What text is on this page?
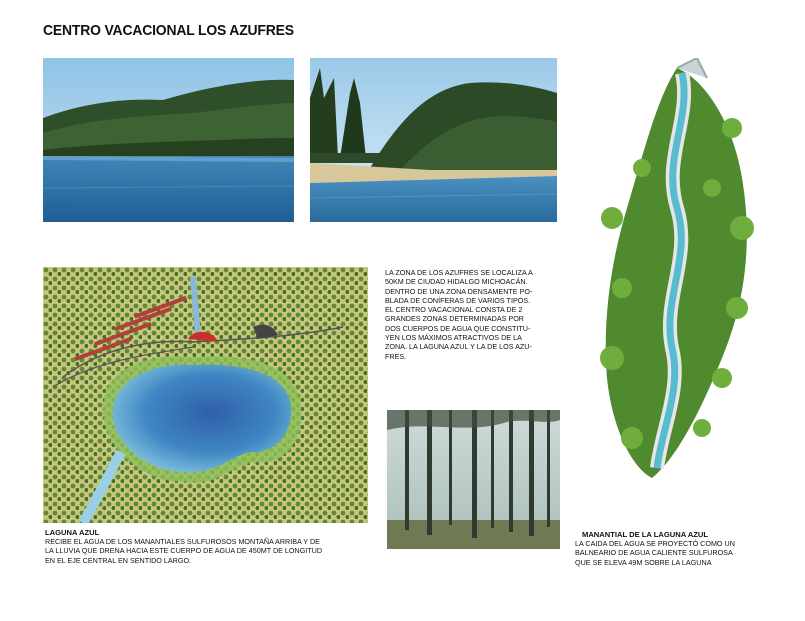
CENTRO VACACIONAL LOS AZUFRES
LA ZONA DE LOS AZUFRES SE LOCALIZA A
50KM DE CIUDAD HIDALGO MICHOACÁN.
DENTRO DE UNA ZONA DENSAMENTE PO-
BLADA DE CONÍFERAS DE VARIOS TIPOS.
EL CENTRO VACACIONAL CONSTA DE 2
GRANDES ZONAS DETERMINADAS POR
DOS CUERPOS DE AGUA QUE CONSTITU-
YEN LOS MÁXIMOS ATRACTIVOS DE LA
ZONA. LA LAGUNA AZUL Y LA DE LOS AZU-
FRES.
LAGUNA AZUL
RECIBE EL AGUA DE LOS MANANTIALES SULFUROSOS MONTAÑA ARRIBA Y DE
LA LLUVIA QUE DRENA HACIA ESTE CUERPO DE AGUA DE 450MT DE LONGITUD
EN EL EJE CENTRAL EN SENTIDO LARGO.
MANANTIAL DE LA LAGUNA AZUL
LA CAIDA DEL AGUA SE PROYECTÓ COMO UN
BALNEARIO DE AGUA CALIENTE SULFUROSA
QUE SE ELEVA 49M SOBRE LA LAGUNA
